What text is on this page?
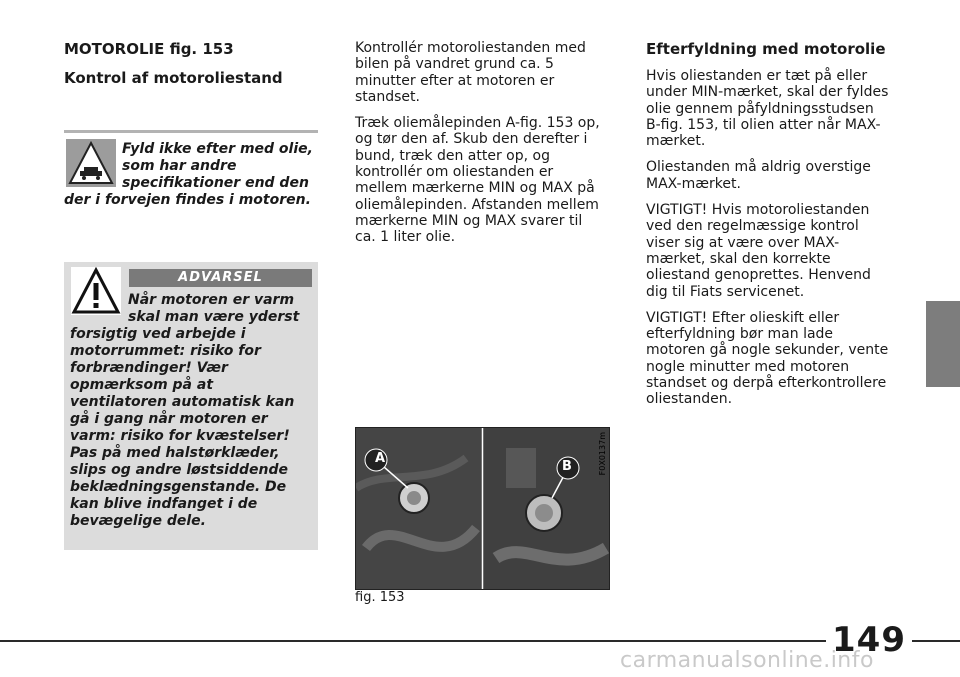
MOTOROLIE fig. 153

Kontrol af motoroliestand

Fyld ikke efter med olie, som har andre specifikationer end den der i forvejen findes i motoren.
ADVARSEL
Når motoren er varm skal man være yderst forsigtig ved arbejde i motorrummet: risiko for forbrændinger! Vær opmærksom på at ventilatoren automatisk kan gå i gang når motoren er varm: risiko for kvæstelser! Pas på med halstørklæder, slips og andre løstsiddende beklædningsgenstande. De kan blive indfanget i de bevægelige dele.

Kontrollér motoroliestanden med bilen på vandret grund ca. 5 minutter efter at motoren er standset.

Træk oliemålepinden A-fig. 153 op, og tør den af. Skub den derefter i bund, træk den atter op, og kontrollér om oliestanden er mellem mærkerne MIN og MAX på oliemålepinden. Afstanden mellem mærkerne MIN og MAX svarer til ca. 1 liter olie.

A
B	F0X0137m
fig. 153

Efterfyldning med motorolie

Hvis oliestanden er tæt på eller under MIN-mærket, skal der fyldes olie gennem påfyldningsstudsen B-fig. 153, til olien atter når MAX-mærket.

Oliestanden må aldrig overstige MAX-mærket.

VIGTIGT! Hvis motoroliestanden ved den regelmæssige kontrol viser sig at være over MAX-mærket, skal den korrekte oliestand genoprettes. Henvend dig til Fiats servicenet.

VIGTIGT! Efter olieskift eller efterfyldning bør man lade motoren gå nogle sekunder, vente nogle minutter med motoren standset og derpå efterkontrollere oliestanden.

149
carmanualsonline.info
